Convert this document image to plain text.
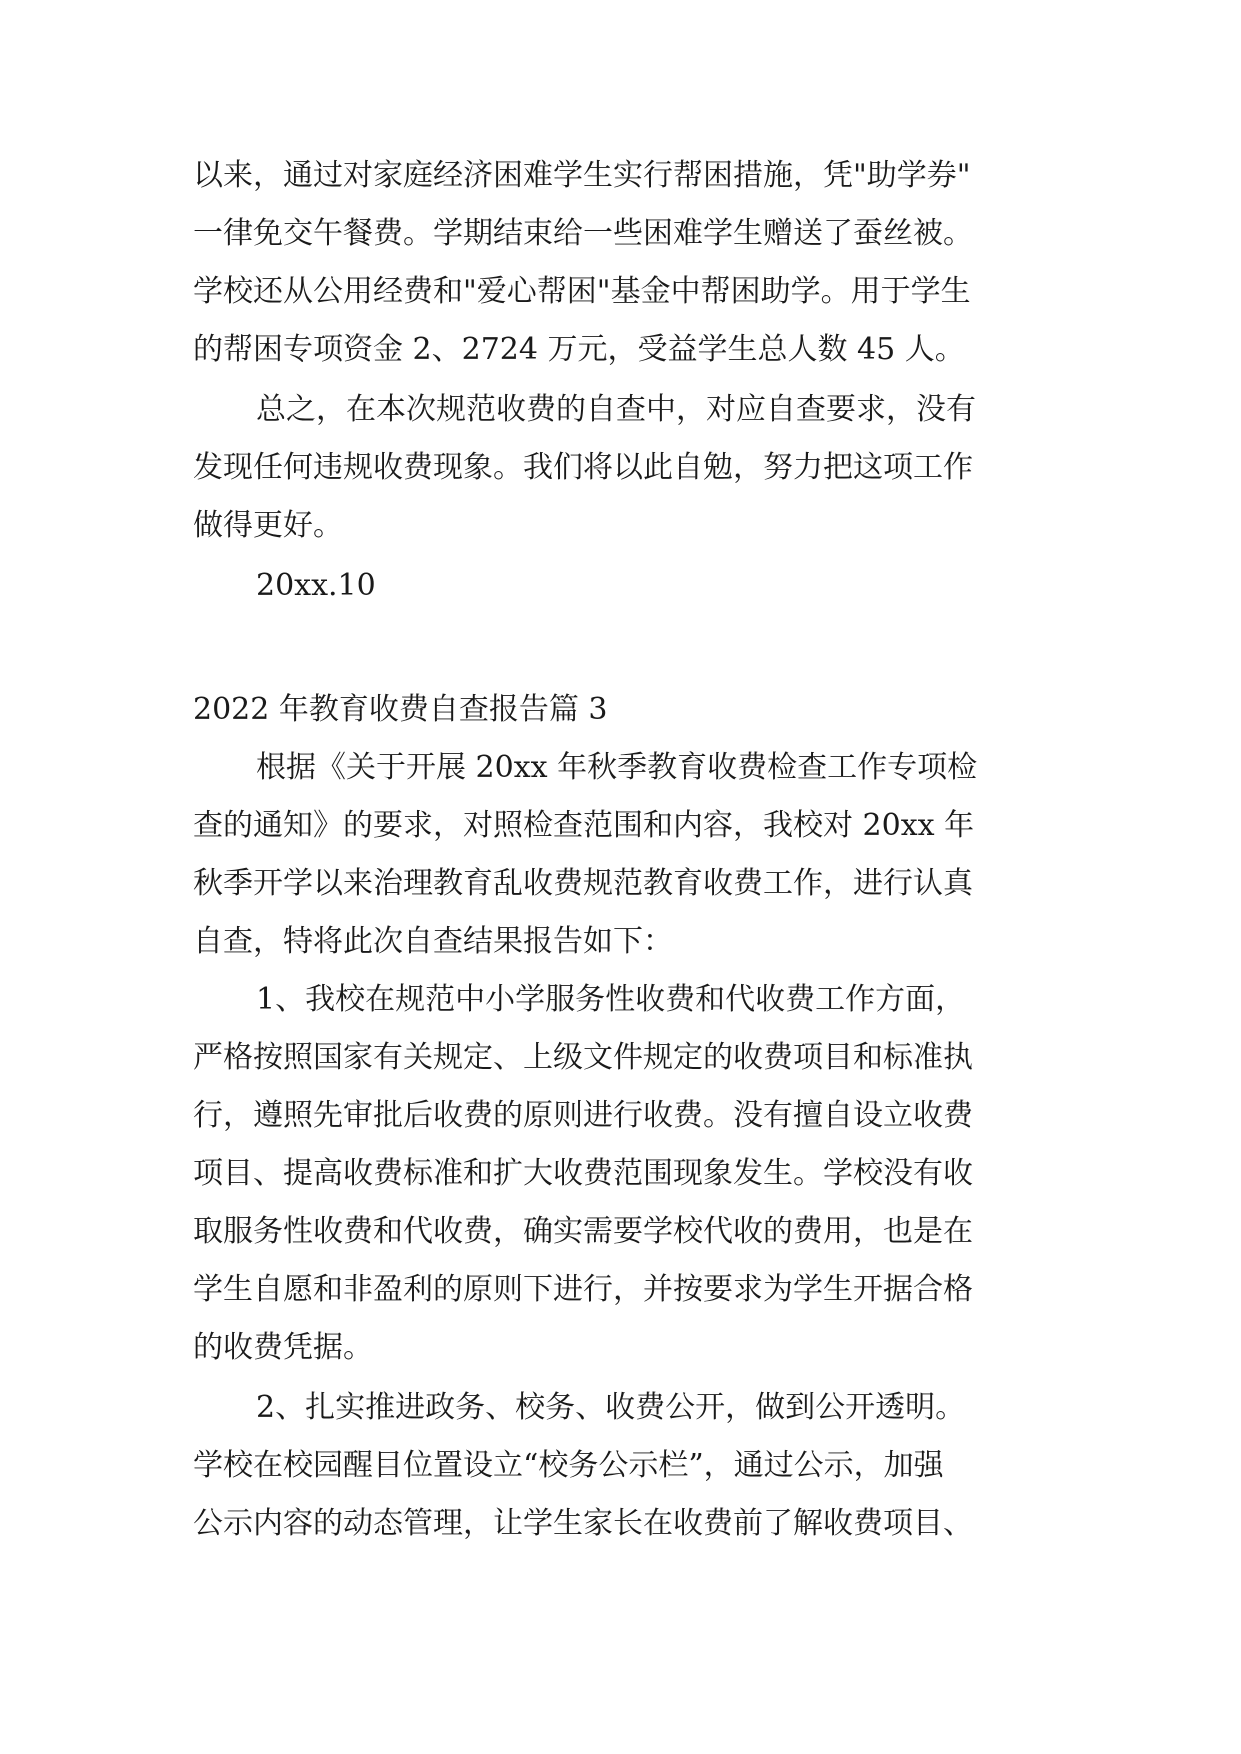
以来，通过对家庭经济困难学生实行帮困措施，凭"助学券"

一律免交午餐费。学期结束给一些困难学生赠送了蚕丝被。

学校还从公用经费和"爱心帮困"基金中帮困助学。用于学生

的帮困专项资金 2、2724 万元，受益学生总人数 45 人。

总之，在本次规范收费的自查中，对应自查要求，没有

发现任何违规收费现象。我们将以此自勉，努力把这项工作

做得更好。

20xx.10

2022 年教育收费自查报告篇 3

根据《关于开展 20xx 年秋季教育收费检查工作专项检

查的通知》的要求，对照检查范围和内容，我校对 20xx 年

秋季开学以来治理教育乱收费规范教育收费工作，进行认真

自查，特将此次自查结果报告如下：

1、我校在规范中小学服务性收费和代收费工作方面，

严格按照国家有关规定、上级文件规定的收费项目和标准执

行，遵照先审批后收费的原则进行收费。没有擅自设立收费

项目、提高收费标准和扩大收费范围现象发生。学校没有收

取服务性收费和代收费，确实需要学校代收的费用，也是在

学生自愿和非盈利的原则下进行，并按要求为学生开据合格

的收费凭据。

2、扎实推进政务、校务、收费公开，做到公开透明。

学校在校园醒目位置设立“校务公示栏”，通过公示，加强

公示内容的动态管理，让学生家长在收费前了解收费项目、
